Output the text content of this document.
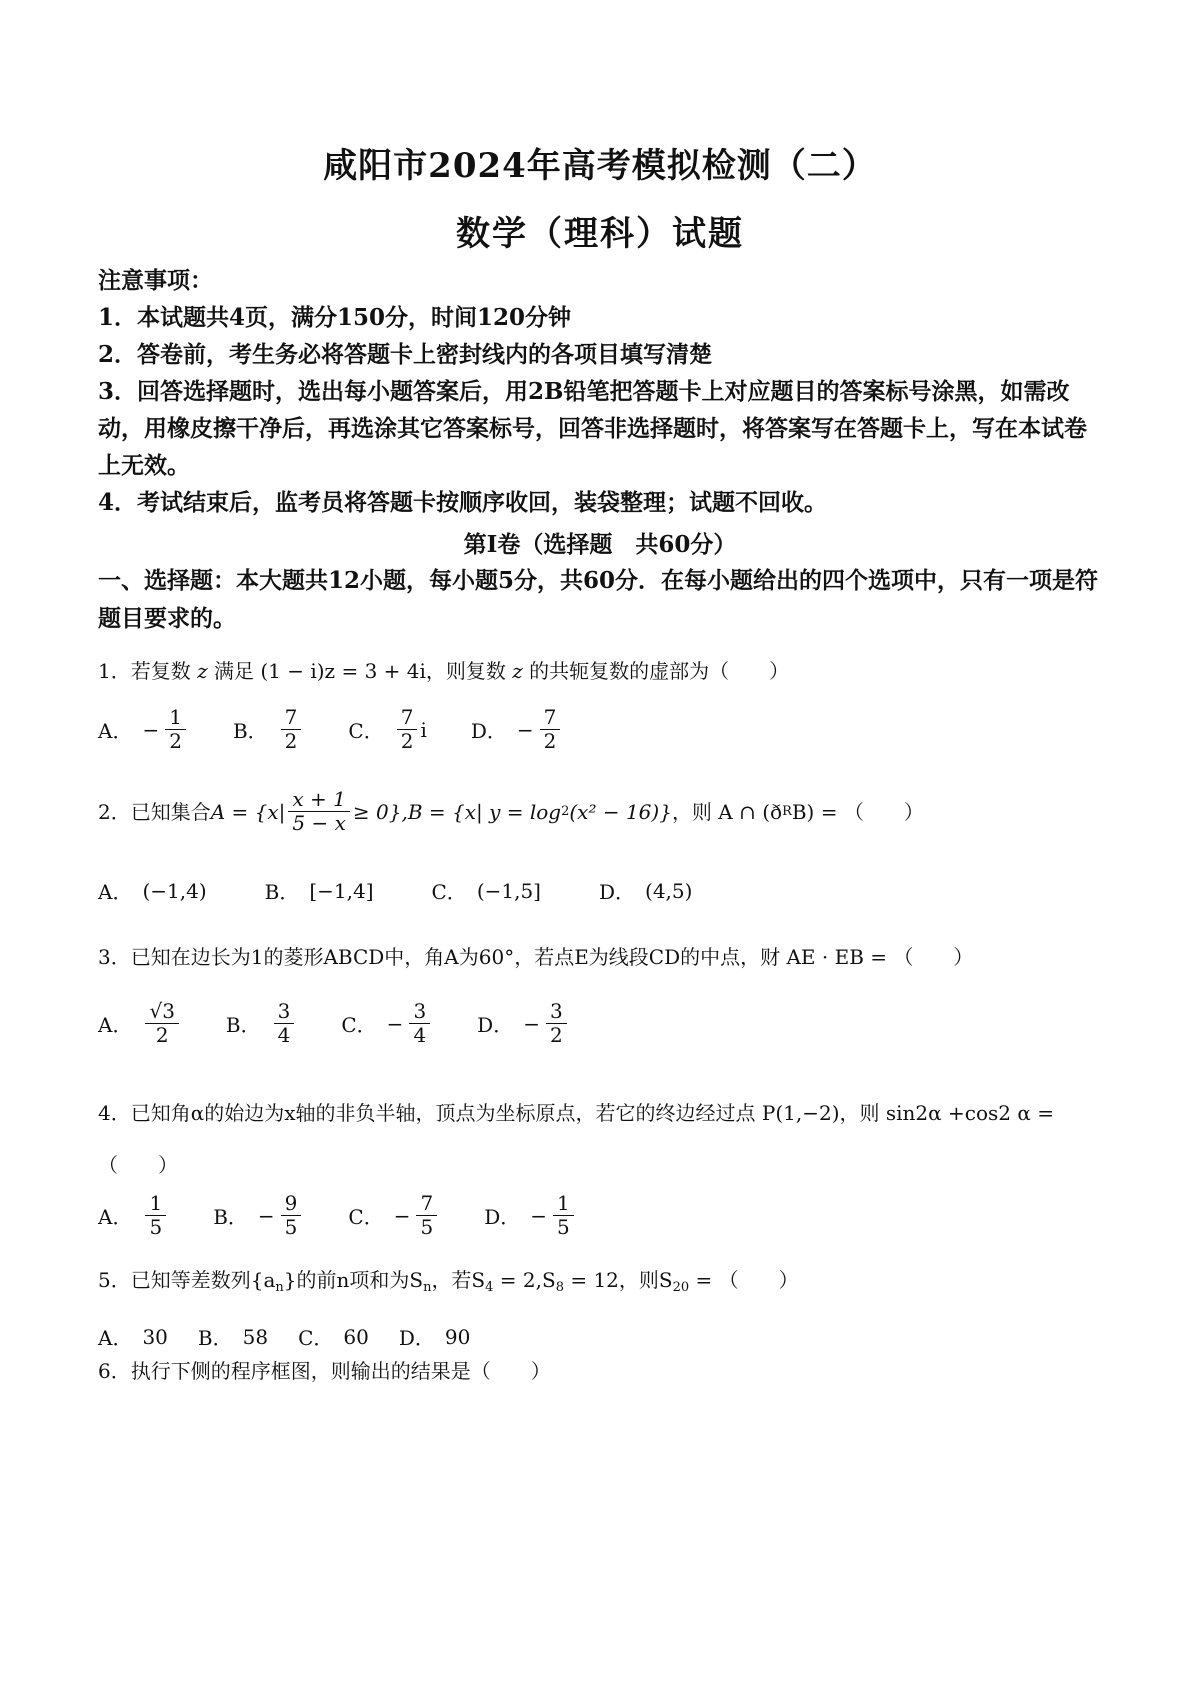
咸阳市2024年高考模拟检测（二）
数学（理科）试题
注意事项：
1．本试题共4页，满分150分，时间120分钟
2．答卷前，考生务必将答题卡上密封线内的各项目填写清楚
3．回答选择题时，选出每小题答案后，用2B铅笔把答题卡上对应题目的答案标号涂黑，如需改动，用橡皮擦干净后，再选涂其它答案标号，回答非选择题时，将答案写在答题卡上，写在本试卷上无效。
4．考试结束后，监考员将答题卡按顺序收回，装袋整理；试题不回收。
第Ⅰ卷（选择题　共60分）
一、选择题：本大题共12小题，每小题5分，共60分．在每小题给出的四个选项中，只有一项是符题目要求的。
1．若复数 z 满足 (1 − i)z = 3 + 4i，则复数 z 的共轭复数的虚部为（　　）
A． − $\frac{1}{2}$ B． $\frac{7}{2}$ C． $\frac{7}{2}$ i D． − $\frac{7}{2}$
2．已知集合 $A = \{x| \frac{x + 1}{5 - x} \ge 0\},B = \{x|$ y = log 2 (x² − 16)} ，则 A ∩ (ð R B) = （　　）
A． (−1,4)	B． [−1,4]	C． (−1,5]	D． (4,5)
3．已知在边长为1的菱形ABCD中，角A为60°，若点E为线段CD的中点，财 AE · EB = （　　）
A． $\frac{√3}{2}$ B． $\frac{3}{4}$ C． − $\frac{3}{4}$ D． − $\frac{3}{2}$
4．已知角α的始边为x轴的非负半轴，顶点为坐标原点，若它的终边经过点 P(1,−2)，则 sin2α +cos2 α =
（　　）
A． $\frac{1}{5}$ B． − $\frac{9}{5}$ C． − $\frac{7}{5}$ D． − $\frac{1}{5}$
5．已知等差数列$\{a_n\}$的前n项和为$S_n$，若$S_4 = 2,S_8 = 12$，则$S_{20}$ = （　　）
A． 30 B． 58 C． 60 D． 90
6．执行下侧的程序框图，则输出的结果是（　　）
